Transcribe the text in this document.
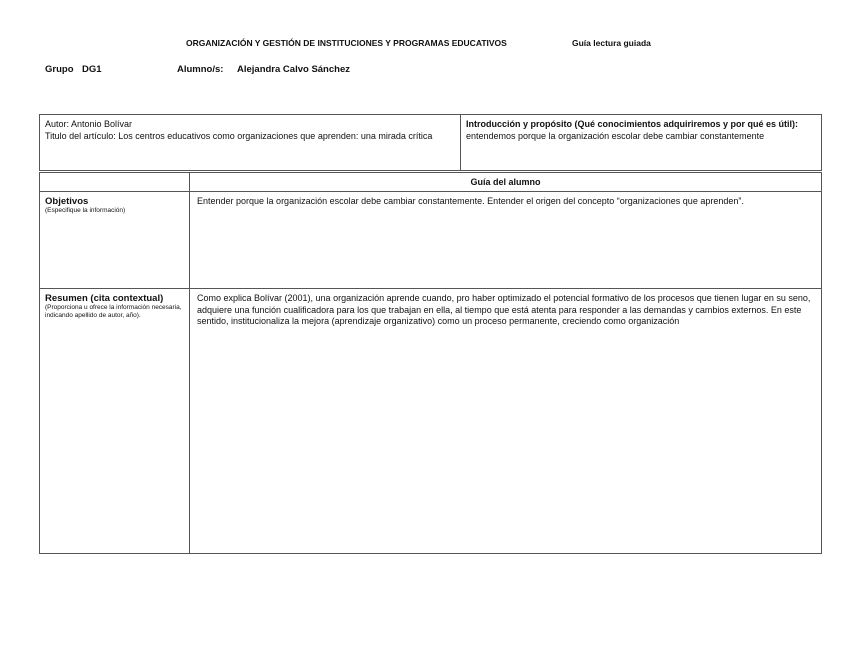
ORGANIZACIÓN Y GESTIÓN DE INSTITUCIONES Y PROGRAMAS EDUCATIVOS	Guía lectura guiada
Grupo DG1	Alumno/s: Alejandra Calvo Sánchez
Autor: Antonio Bolívar
Titulo del artículo: Los centros educativos como organizaciones que aprenden: una mirada crítica
Introducción y propósito (Qué conocimientos adquiriremos y por qué es útil): entendemos porque la organización escolar debe cambiar constantemente
Guía del alumno
Objetivos
(Especifique la información)
Entender porque la organización escolar debe cambiar constantemente. Entender el origen del concepto “organizaciones que aprenden”.
Resumen (cita contextual)
(Proporciona u ofrece la información necesaria, indicando apellido de autor, año).
Como explica Bolívar (2001), una organización aprende cuando, pro haber optimizado el potencial formativo de los procesos que tienen lugar en su seno, adquiere una función cualificadora para los que trabajan en ella, al tiempo que está atenta para responder a las demandas y cambios externos. En este sentido, institucionaliza la mejora (aprendizaje organizativo) como un proceso permanente, creciendo como organización
